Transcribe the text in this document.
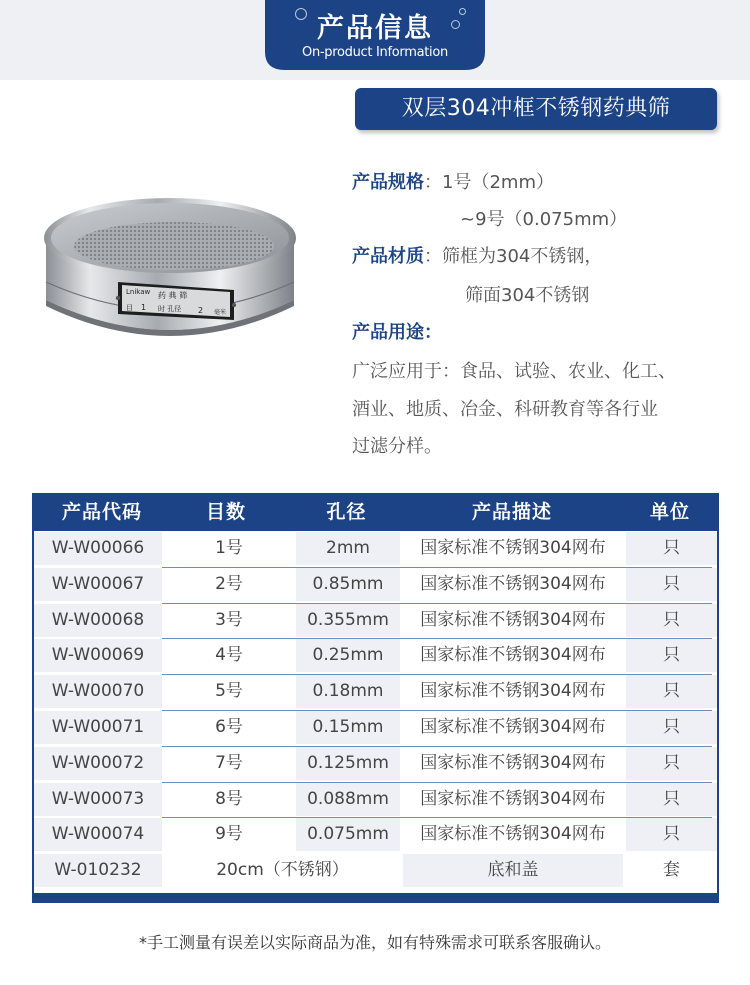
产品信息
On-product Information
双层304冲框不锈钢药典筛
Lnikaw 药 典 筛
目 1 时 孔径 2 毫米
产品规格：1号（2mm）
~9号（0.075mm）
产品材质：筛框为304不锈钢，
筛面304不锈钢
产品用途：
广泛应用于：食品、试验、农业、化工、
酒业、地质、冶金、科研教育等各行业
过滤分样。
产品代码	目数	孔径	产品描述	单位
W-W00066	1号	2mm	国家标准不锈钢304网布	只
W-W00067	2号	0.85mm	国家标准不锈钢304网布	只
W-W00068	3号	0.355mm	国家标准不锈钢304网布	只
W-W00069	4号	0.25mm	国家标准不锈钢304网布	只
W-W00070	5号	0.18mm	国家标准不锈钢304网布	只
W-W00071	6号	0.15mm	国家标准不锈钢304网布	只
W-W00072	7号	0.125mm	国家标准不锈钢304网布	只
W-W00073	8号	0.088mm	国家标准不锈钢304网布	只
W-W00074	9号	0.075mm	国家标准不锈钢304网布	只
W-010232	20cm（不锈钢）	底和盖	套
*手工测量有误差以实际商品为准，如有特殊需求可联系客服确认。
